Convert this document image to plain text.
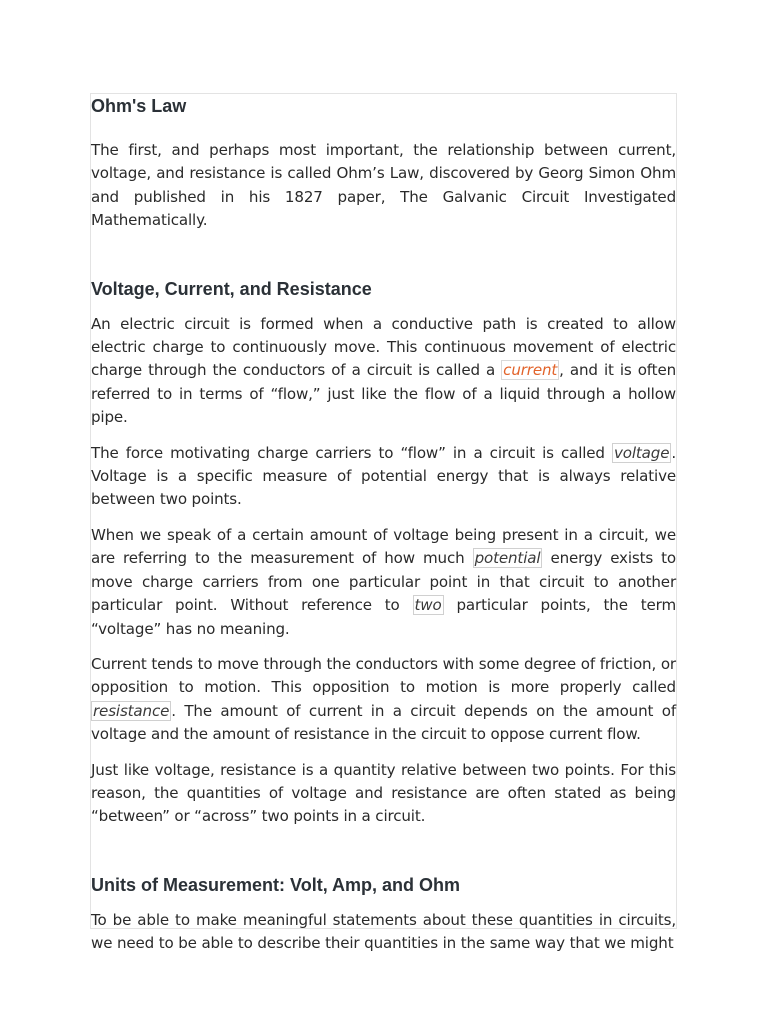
Ohm's Law

The first, and perhaps most important, the relationship between current, voltage, and resistance is called Ohm’s Law, discovered by Georg Simon Ohm and published in his 1827 paper, The Galvanic Circuit Investigated Mathematically.

Voltage, Current, and Resistance

An electric circuit is formed when a conductive path is created to allow electric charge to continuously move. This continuous movement of electric charge through the conductors of a circuit is called a current , and it is often referred to in terms of “flow,” just like the flow of a liquid through a hollow pipe.

The force motivating charge carriers to “flow” in a circuit is called voltage . Voltage is a specific measure of potential energy that is always relative between two points.

When we speak of a certain amount of voltage being present in a circuit, we are referring to the measurement of how much potential energy exists to move charge carriers from one particular point in that circuit to another particular point. Without reference to two particular points, the term “voltage” has no meaning.

Current tends to move through the conductors with some degree of friction, or opposition to motion. This opposition to motion is more properly called resistance . The amount of current in a circuit depends on the amount of voltage and the amount of resistance in the circuit to oppose current flow.

Just like voltage, resistance is a quantity relative between two points. For this reason, the quantities of voltage and resistance are often stated as being “between” or “across” two points in a circuit.

Units of Measurement: Volt, Amp, and Ohm

To be able to make meaningful statements about these quantities in circuits, we need to be able to describe their quantities in the same way that we might
